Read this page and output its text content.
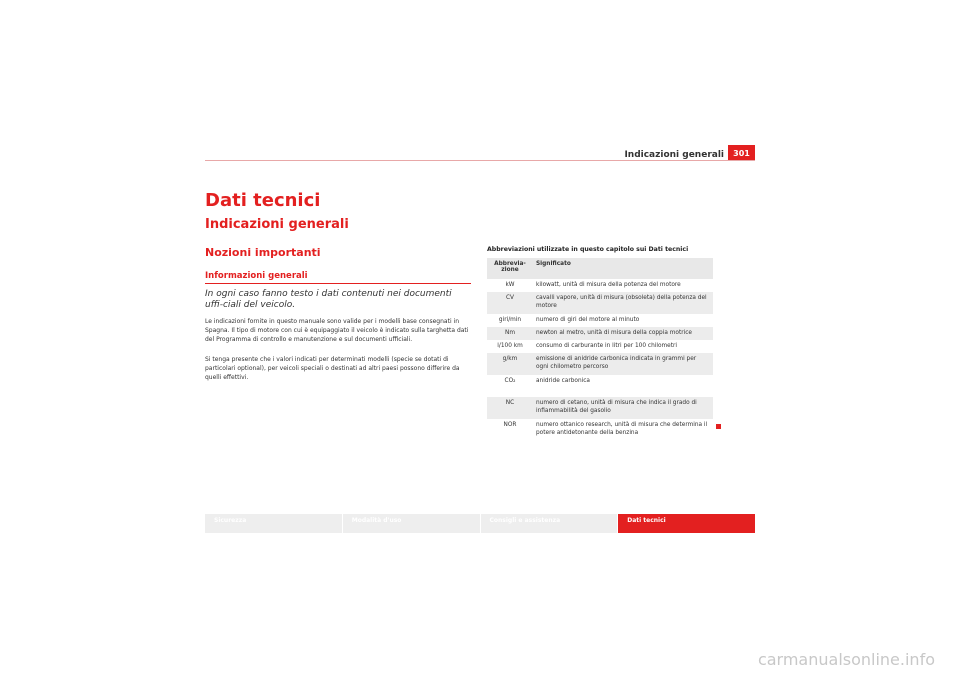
Indicazioni generali	301
Dati tecnici
Indicazioni generali
Nozioni importanti
Informazioni generali

In ogni caso fanno testo i dati contenuti nei documenti uffi-ciali del veicolo.

Le indicazioni fornite in questo manuale sono valide per i modelli base consegnati in Spagna. Il tipo di motore con cui è equipaggiato il veicolo è indicato sulla targhetta dati del Programma di controllo e manutenzione e sul documenti ufficiali.

Si tenga presente che i valori indicati per determinati modelli (specie se dotati di particolari optional), per veicoli speciali o destinati ad altri paesi possono differire da quelli effettivi.

Abbreviazioni utilizzate in questo capitolo sui Dati tecnici
Abbrevia-zione	Significato
kW	kilowatt, unità di misura della potenza del motore
CV	cavalli vapore, unità di misura (obsoleta) della potenza del motore
giri/min	numero di giri del motore al minuto
Nm	newton al metro, unità di misura della coppia motrice
l/100 km	consumo di carburante in litri per 100 chilometri
g/km	emissione di anidride carbonica indicata in grammi per ogni chilometro percorso
CO₂	anidride carbonica
NC	numero di cetano, unità di misura che indica il grado di infiammabilità del gasolio
NOR	numero ottanico research, unità di misura che determina il potere antidetonante della benzina
Sicurezza	Modalità d'uso	Consigli e assistenza	Dati tecnici
carmanualsonline.info
